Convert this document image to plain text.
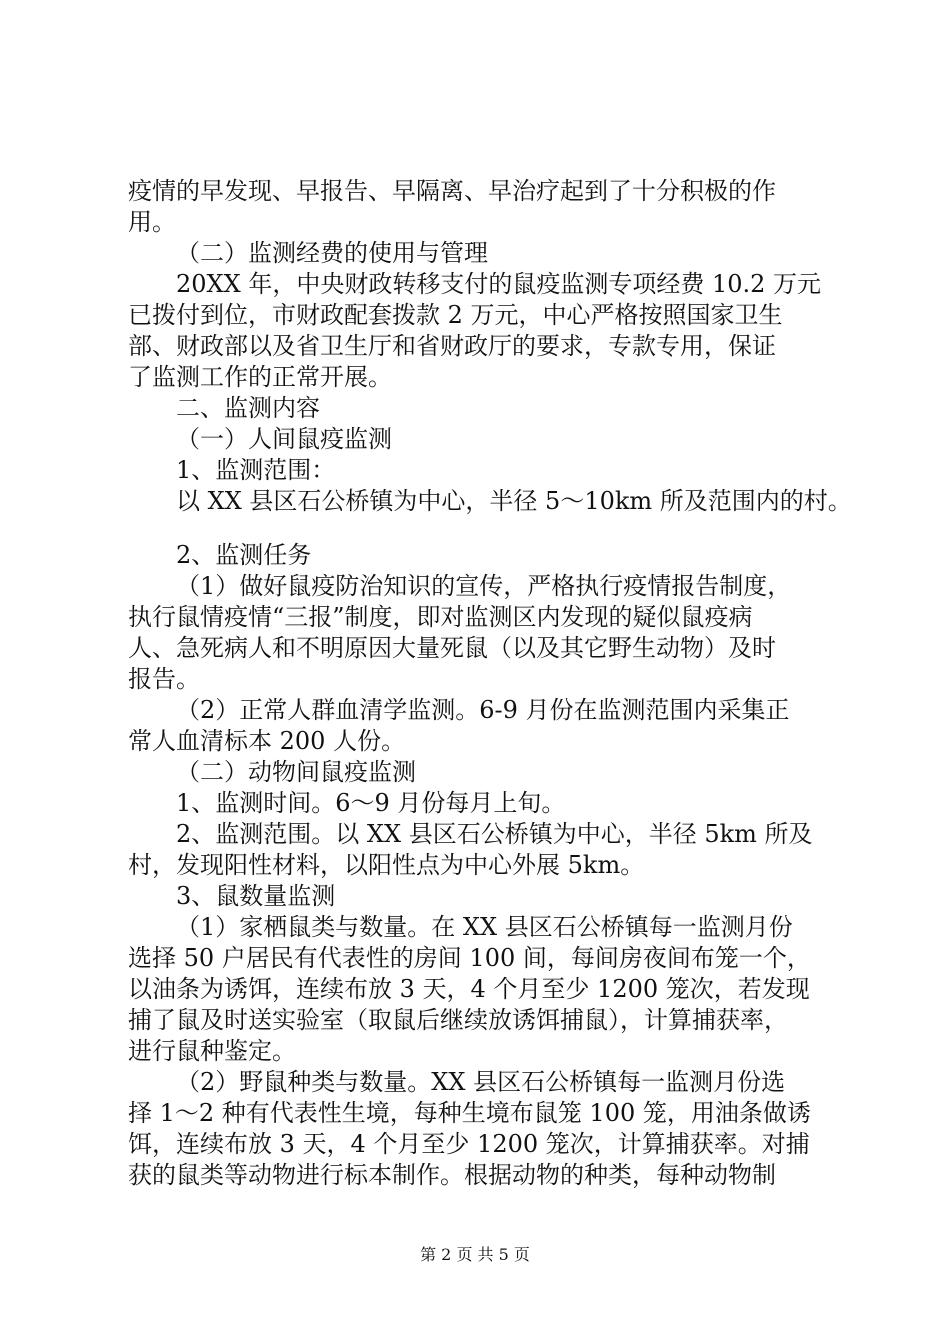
疫情的早发现、早报告、早隔离、早治疗起到了十分积极的作
用。
（二）监测经费的使用与管理
20XX 年，中央财政转移支付的鼠疫监测专项经费 10.2 万元
已拨付到位，市财政配套拨款 2 万元，中心严格按照国家卫生
部、财政部以及省卫生厅和省财政厅的要求，专款专用，保证
了监测工作的正常开展。
二、监测内容
（一）人间鼠疫监测
1、监测范围：
以 XX 县区石公桥镇为中心，半径 5～10km 所及范围内的村。
2、监测任务
（1）做好鼠疫防治知识的宣传，严格执行疫情报告制度，
执行鼠情疫情“三报”制度，即对监测区内发现的疑似鼠疫病
人、急死病人和不明原因大量死鼠（以及其它野生动物）及时
报告。
（2）正常人群血清学监测。6-9 月份在监测范围内采集正
常人血清标本 200 人份。
（二）动物间鼠疫监测
1、监测时间。6～9 月份每月上旬。
2、监测范围。以 XX 县区石公桥镇为中心，半径 5km 所及
村，发现阳性材料，以阳性点为中心外展 5km。
3、鼠数量监测
（1）家栖鼠类与数量。在 XX 县区石公桥镇每一监测月份
选择 50 户居民有代表性的房间 100 间，每间房夜间布笼一个，
以油条为诱饵，连续布放 3 天，4 个月至少 1200 笼次，若发现
捕了鼠及时送实验室（取鼠后继续放诱饵捕鼠），计算捕获率，
进行鼠种鉴定。
（2）野鼠种类与数量。XX 县区石公桥镇每一监测月份选
择 1～2 种有代表性生境，每种生境布鼠笼 100 笼，用油条做诱
饵，连续布放 3 天，4 个月至少 1200 笼次，计算捕获率。对捕
获的鼠类等动物进行标本制作。根据动物的种类，每种动物制
第 2 页 共 5 页
